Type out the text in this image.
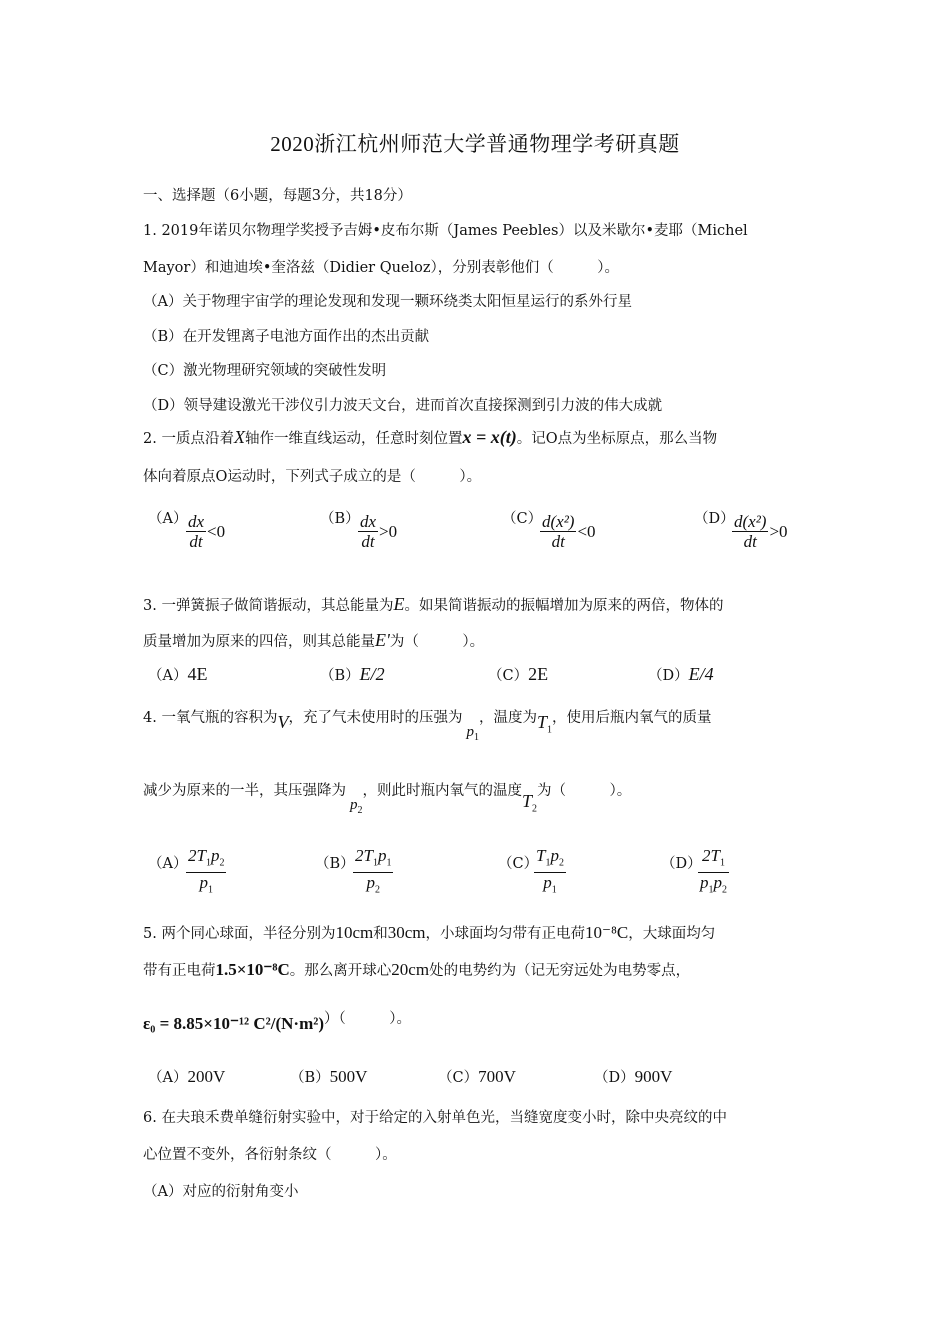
2020浙江杭州师范大学普通物理学考研真题
一、选择题（6小题，每题3分，共18分）
1. 2019年诺贝尔物理学奖授予吉姆•皮布尔斯（James Peebles）以及米歇尔•麦耶（Michel
Mayor）和迪迪埃•奎洛兹（Didier Queloz），分别表彰他们（　　　）。
（A）关于物理宇宙学的理论发现和发现一颗环绕类太阳恒星运行的系外行星
（B）在开发锂离子电池方面作出的杰出贡献
（C）激光物理研究领域的突破性发明
（D）领导建设激光干涉仪引力波天文台，进而首次直接探测到引力波的伟大成就
2. 一质点沿着X轴作一维直线运动，任意时刻位置x = x(t)。记O点为坐标原点，那么当物
体向着原点O运动时，下列式子成立的是（　　　）。
（A）
$\frac{dx}{dt} <0$
（B）
$\frac{dx}{dt} >0$
（C）
$\frac{\text{d(x²)}}{dt} <0$
（D）
$\frac{\text{d(x²)}}{dt} >0$
3. 一弹簧振子做简谐振动，其总能量为E。如果简谐振动的振幅增加为原来的两倍，物体的
质量增加为原来的四倍，则其总能量E'为（　　　）。
（A）4E	（B）E/2	（C）2E	（D）E/4
4. 一氧气瓶的容积为V，充了气未使用时的压强为$p_1$，温度为$T_1$，使用后瓶内氧气的质量
减少为原来的一半，其压强降为$p_2$，则此时瓶内氧气的温度$T_2$为（　　　）。
（A） $2T_1p_2$
$p_1$
（B） $2T_1p_1$
$p_2$
（C）
$T_1p_2$
$p_1$
（D） $2T_1$
$p_1p_2$
5. 两个同心球面，半径分别为10cm和30cm，小球面均匀带有正电荷10⁻⁸C，大球面均匀
带有正电荷1.5×10⁻⁸C。那么离开球心20cm处的电势约为（记无穷远处为电势零点，
ε₀ = 8.85×10⁻¹² C²/(N·m²)）（　　　）。
（A）200V	（B）500V	（C）700V	（D）900V
6. 在夫琅禾费单缝衍射实验中，对于给定的入射单色光，当缝宽度变小时，除中央亮纹的中
心位置不变外，各衍射条纹（　　　）。
（A）对应的衍射角变小
